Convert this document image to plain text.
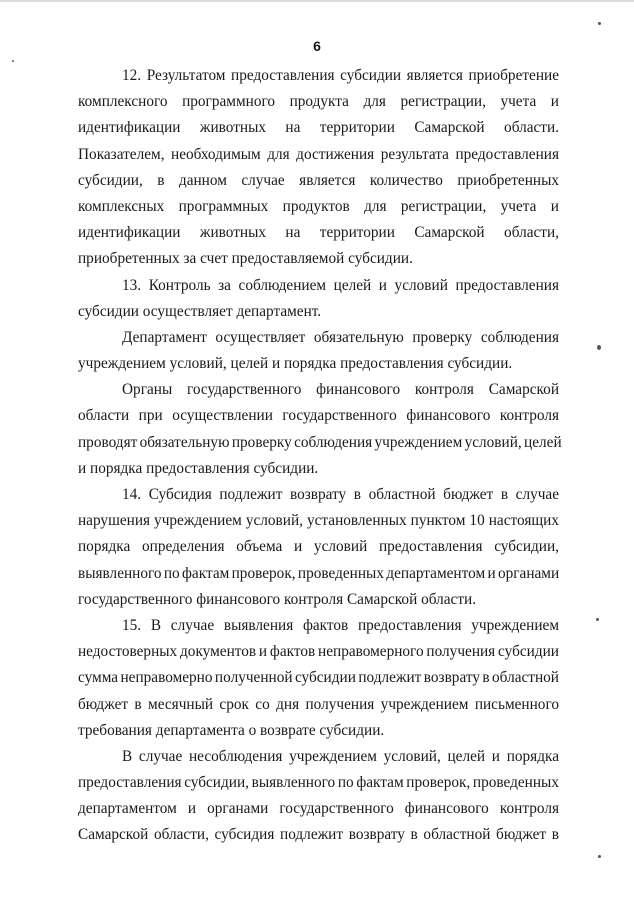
6
12. Результатом предоставления субсидии является приобретение
комплексного программного продукта для регистрации, учета и
идентификации животных на территории Самарской области.
Показателем, необходимым для достижения результата предоставления
субсидии, в данном случае является количество приобретенных
комплексных программных продуктов для регистрации, учета и
идентификации животных на территории Самарской области,
приобретенных за счет предоставляемой субсидии.
13. Контроль за соблюдением целей и условий предоставления
субсидии осуществляет департамент.
Департамент осуществляет обязательную проверку соблюдения
учреждением условий, целей и порядка предоставления субсидии.
Органы государственного финансового контроля Самарской
области при осуществлении государственного финансового контроля
проводят обязательную проверку соблюдения учреждением условий, целей
и порядка предоставления субсидии.
14. Субсидия подлежит возврату в областной бюджет в случае
нарушения учреждением условий, установленных пунктом 10 настоящих
порядка определения объема и условий предоставления субсидии,
выявленного по фактам проверок, проведенных департаментом и органами
государственного финансового контроля Самарской области.
15. В случае выявления фактов предоставления учреждением
недостоверных документов и фактов неправомерного получения субсидии
сумма неправомерно полученной субсидии подлежит возврату в областной
бюджет в месячный срок со дня получения учреждением письменного
требования департамента о возврате субсидии.
В случае несоблюдения учреждением условий, целей и порядка
предоставления субсидии, выявленного по фактам проверок, проведенных
департаментом и органами государственного финансового контроля
Самарской области, субсидия подлежит возврату в областной бюджет в
